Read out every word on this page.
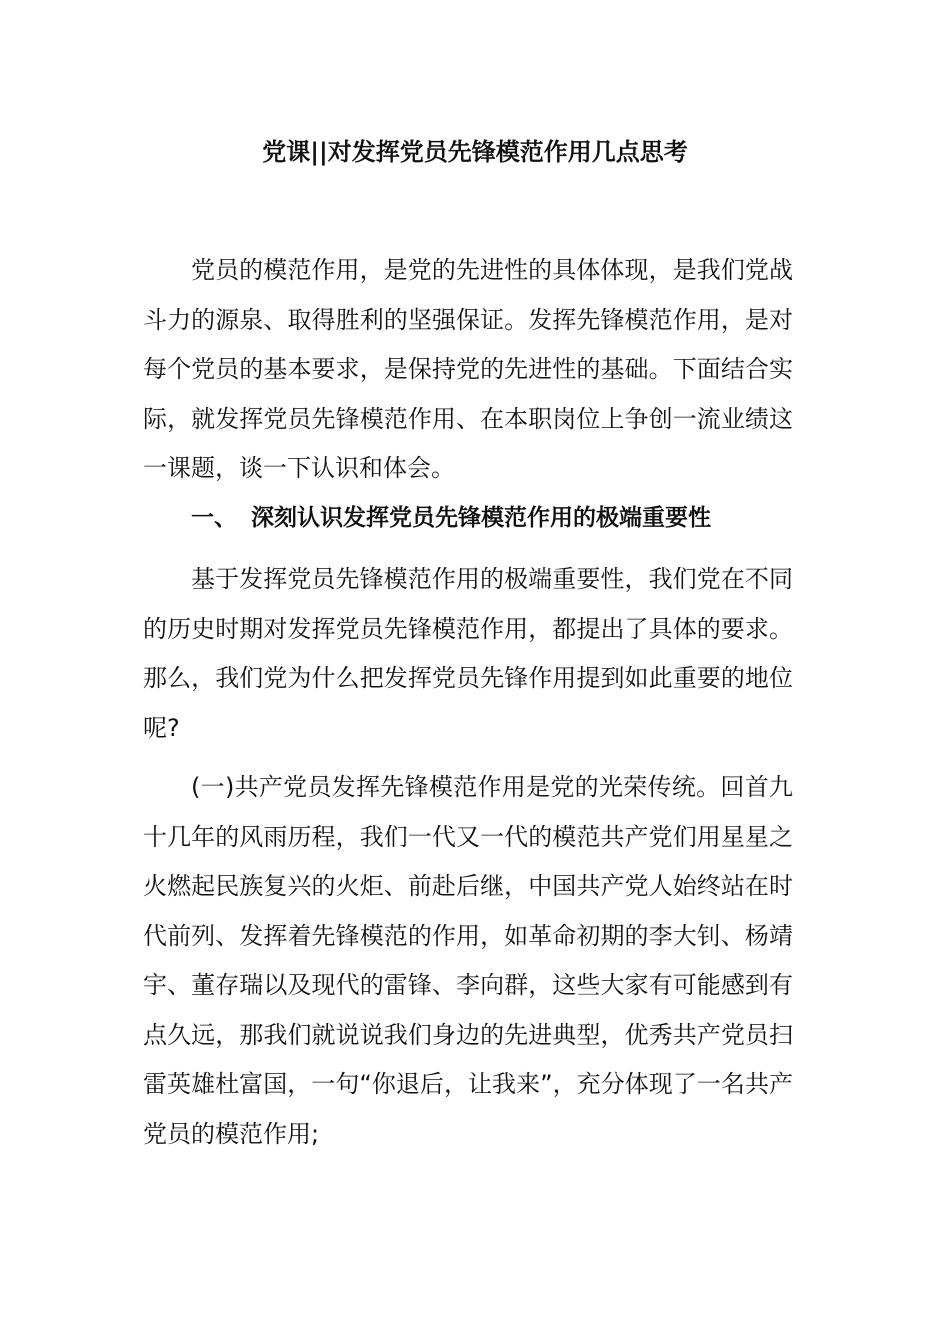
党课||对发挥党员先锋模范作用几点思考

党员的模范作用，是党的先进性的具体体现，是我们党战斗力的源泉、取得胜利的坚强保证。发挥先锋模范作用，是对每个党员的基本要求，是保持党的先进性的基础。下面结合实际，就发挥党员先锋模范作用、在本职岗位上争创一流业绩这一课题，谈一下认识和体会。

一、 深刻认识发挥党员先锋模范作用的极端重要性

基于发挥党员先锋模范作用的极端重要性，我们党在不同的历史时期对发挥党员先锋模范作用，都提出了具体的要求。那么，我们党为什么把发挥党员先锋作用提到如此重要的地位呢?

(一)共产党员发挥先锋模范作用是党的光荣传统。回首九十几年的风雨历程，我们一代又一代的模范共产党们用星星之火燃起民族复兴的火炬、前赴后继，中国共产党人始终站在时代前列、发挥着先锋模范的作用，如革命初期的李大钊、杨靖宇、董存瑞以及现代的雷锋、李向群，这些大家有可能感到有点久远，那我们就说说我们身边的先进典型，优秀共产党员扫雷英雄杜富国，一句“你退后，让我来”，充分体现了一名共产党员的模范作用;
